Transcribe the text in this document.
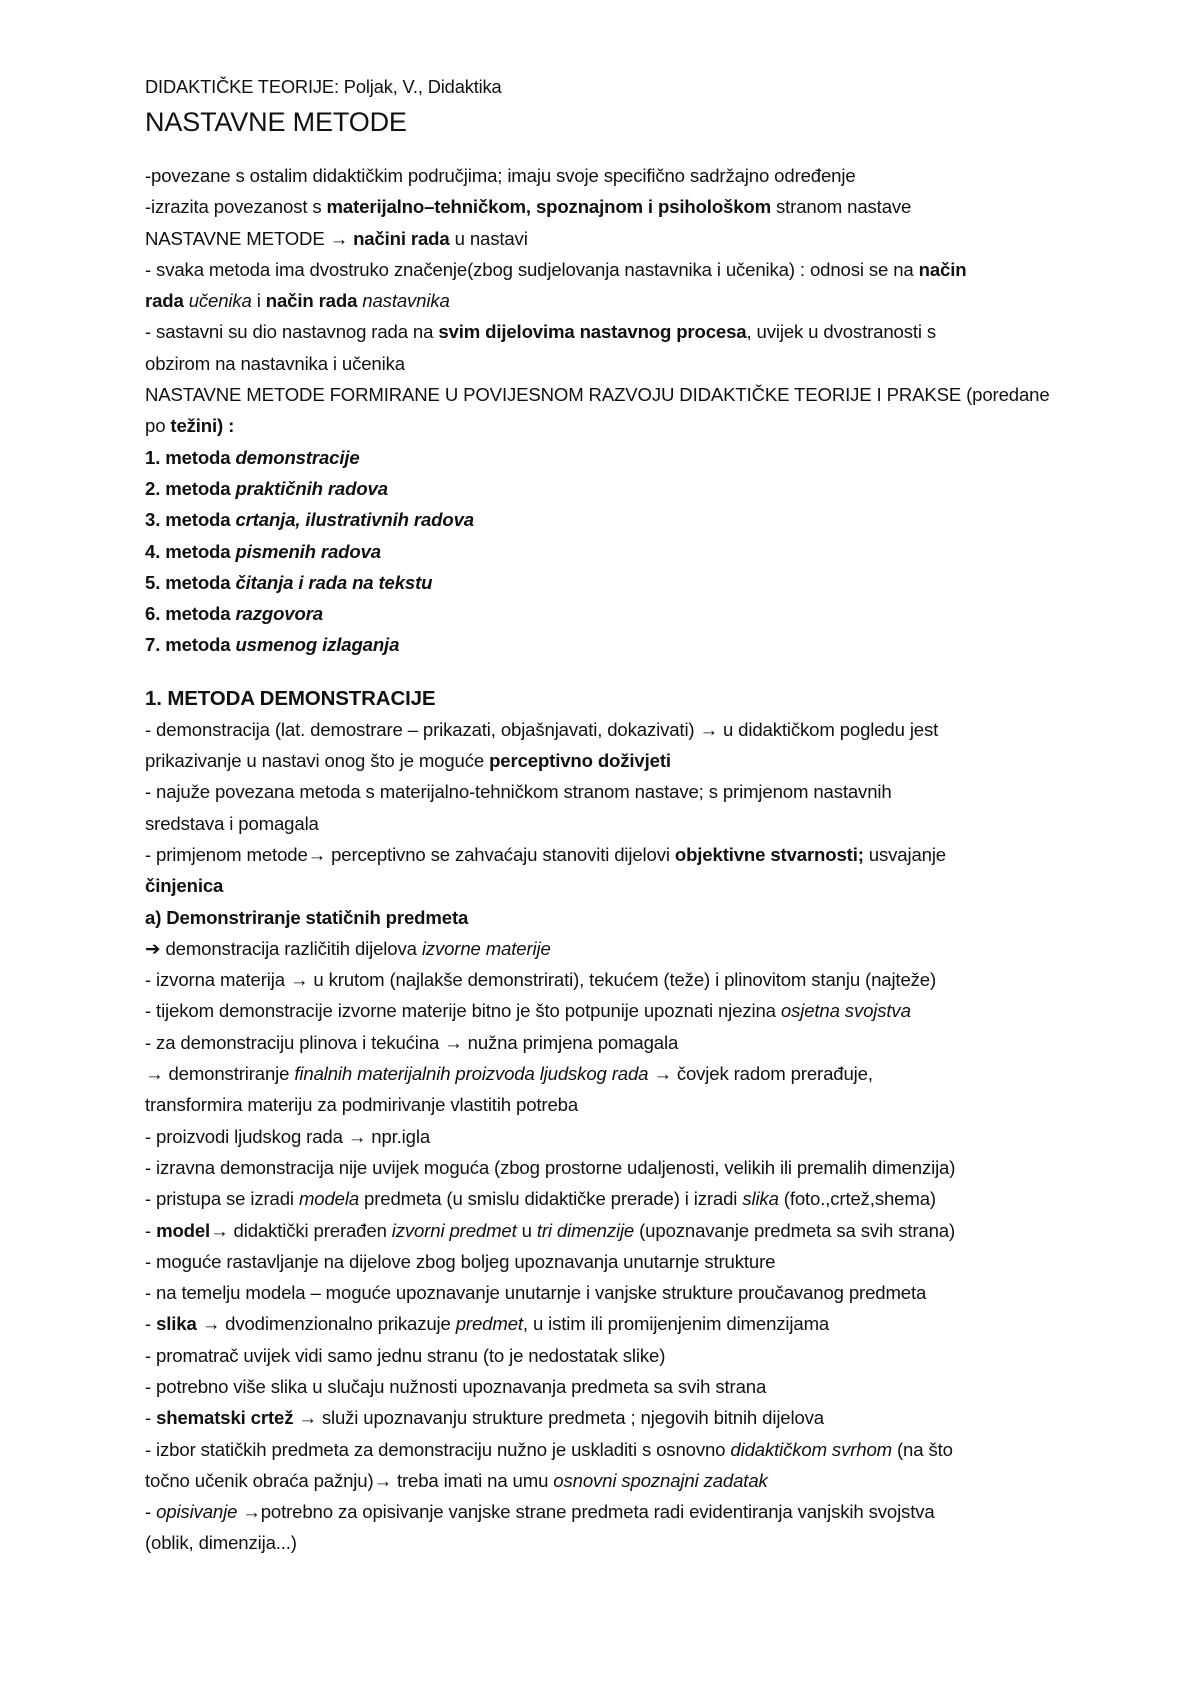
DIDAKTIČKE TEORIJE: Poljak, V., Didaktika
NASTAVNE METODE
-povezane s ostalim didaktičkim područjima; imaju svoje specifično sadržajno određenje
-izrazita povezanost s materijalno–tehničkom, spoznajnom i psihološkom stranom nastave
NASTAVNE METODE → načini rada u nastavi
- svaka metoda ima dvostruko značenje(zbog sudjelovanja nastavnika i učenika) : odnosi se na način
rada učenika i način rada nastavnika
- sastavni su dio nastavnog rada na svim dijelovima nastavnog procesa, uvijek u dvostranosti s
obzirom na nastavnika i učenika
NASTAVNE METODE FORMIRANE U POVIJESNOM RAZVOJU DIDAKTIČKE TEORIJE I PRAKSE (poredane
po težini) :
1. metoda demonstracije
2. metoda praktičnih radova
3. metoda crtanja, ilustrativnih radova
4. metoda pismenih radova
5. metoda čitanja i rada na tekstu
6. metoda razgovora
7. metoda usmenog izlaganja
1. METODA DEMONSTRACIJE
- demonstracija (lat. demostrare – prikazati, objašnjavati, dokazivati) → u didaktičkom pogledu jest
prikazivanje u nastavi onog što je moguće perceptivno doživjeti
- najuže povezana metoda s materijalno-tehničkom stranom nastave; s primjenom nastavnih
sredstava i pomagala
- primjenom metode→ perceptivno se zahvaćaju stanoviti dijelovi objektivne stvarnosti; usvajanje
činjenica
a) Demonstriranje statičnih predmeta
➔ demonstracija različitih dijelova izvorne materije
- izvorna materija → u krutom (najlakše demonstrirati), tekućem (teže) i plinovitom stanju (najteže)
- tijekom demonstracije izvorne materije bitno je što potpunije upoznati njezina osjetna svojstva
- za demonstraciju plinova i tekućina → nužna primjena pomagala
→ demonstriranje finalnih materijalnih proizvoda ljudskog rada → čovjek radom prerađuje,
transformira materiju za podmirivanje vlastitih potreba
- proizvodi ljudskog rada → npr.igla
- izravna demonstracija nije uvijek moguća (zbog prostorne udaljenosti, velikih ili premalih dimenzija)
- pristupa se izradi modela predmeta (u smislu didaktičke prerade) i izradi slika (foto.,crtež,shema)
- model→ didaktički prerađen izvorni predmet u tri dimenzije (upoznavanje predmeta sa svih strana)
- moguće rastavljanje na dijelove zbog boljeg upoznavanja unutarnje strukture
- na temelju modela – moguće upoznavanje unutarnje i vanjske strukture proučavanog predmeta
- slika → dvodimenzionalno prikazuje predmet, u istim ili promijenjenim dimenzijama
- promatrač uvijek vidi samo jednu stranu (to je nedostatak slike)
- potrebno više slika u slučaju nužnosti upoznavanja predmeta sa svih strana
- shematski crtež → služi upoznavanju strukture predmeta ; njegovih bitnih dijelova
- izbor statičkih predmeta za demonstraciju nužno je uskladiti s osnovno didaktičkom svrhom (na što
točno učenik obraća pažnju)→ treba imati na umu osnovni spoznajni zadatak
- opisivanje →potrebno za opisivanje vanjske strane predmeta radi evidentiranja vanjskih svojstva
(oblik, dimenzija...)
